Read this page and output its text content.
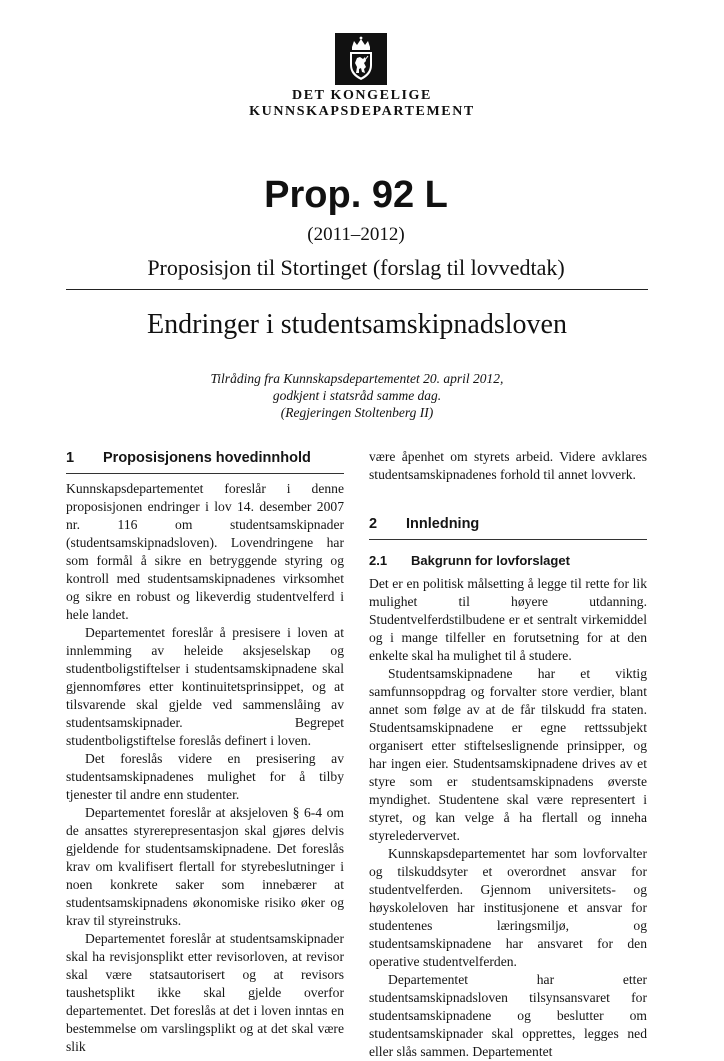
DET KONGELIGE
KUNNSKAPSDEPARTEMENT
Prop. 92 L
(2011–2012)
Proposisjon til Stortinget (forslag til lovvedtak)
Endringer i studentsamskipnadsloven
Tilråding fra Kunnskapsdepartementet 20. april 2012,
godkjent i statsråd samme dag.
(Regjeringen Stoltenberg II)
1	Proposisjonens hovedinnhold

Kunnskapsdepartementet foreslår i denne proposisjonen endringer i lov 14. desember 2007 nr. 116 om studentsamskipnader (studentsamskipnadsloven). Lovendringene har som formål å sikre en betryggende styring og kontroll med studentsamskipnadenes virksomhet og sikre en robust og likeverdig studentvelferd i hele landet.

Departementet foreslår å presisere i loven at innlemming av heleide aksjeselskap og studentboligstiftelser i studentsamskipnadene skal gjennomføres etter kontinuitetsprinsippet, og at tilsvarende skal gjelde ved sammenslåing av studentsamskipnader. Begrepet studentboligstiftelse foreslås definert i loven.

Det foreslås videre en presisering av studentsamskipnadenes mulighet for å tilby tjenester til andre enn studenter.

Departementet foreslår at aksjeloven § 6-4 om de ansattes styrerepresentasjon skal gjøres delvis gjeldende for studentsamskipnadene. Det foreslås krav om kvalifisert flertall for styrebeslutninger i noen konkrete saker som innebærer at studentsamskipnadens økonomiske risiko øker og krav til styreinstruks.

Departementet foreslår at studentsamskipnader skal ha revisjonsplikt etter revisorloven, at revisor skal være statsautorisert og at revisors taushetsplikt ikke skal gjelde overfor departementet. Det foreslås at det i loven inntas en bestemmelse om varslingsplikt og at det skal være slik

være åpenhet om styrets arbeid. Videre avklares studentsamskipnadenes forhold til annet lovverk.

2	Innledning
2.1	Bakgrunn for lovforslaget

Det er en politisk målsetting å legge til rette for lik mulighet til høyere utdanning. Studentvelferdstilbudene er et sentralt virkemiddel og i mange tilfeller en forutsetning for at den enkelte skal ha mulighet til å studere.

Studentsamskipnadene har et viktig samfunnsoppdrag og forvalter store verdier, blant annet som følge av at de får tilskudd fra staten. Studentsamskipnadene er egne rettssubjekt organisert etter stiftelseslignende prinsipper, og har ingen eier. Studentsamskipnadene drives av et styre som er studentsamskipnadens øverste myndighet. Studentene skal være representert i styret, og kan velge å ha flertall og inneha styreledervervet.

Kunnskapsdepartementet har som lovforvalter og tilskuddsyter et overordnet ansvar for studentvelferden. Gjennom universitets- og høyskoleloven har institusjonene et ansvar for studentenes læringsmiljø, og studentsamskipnadene har ansvaret for den operative studentvelferden.

Departementet har etter studentsamskipnadsloven tilsynsansvaret for studentsamskipnadene og beslutter om studentsamskipnader skal opprettes, legges ned eller slås sammen. Departementet
